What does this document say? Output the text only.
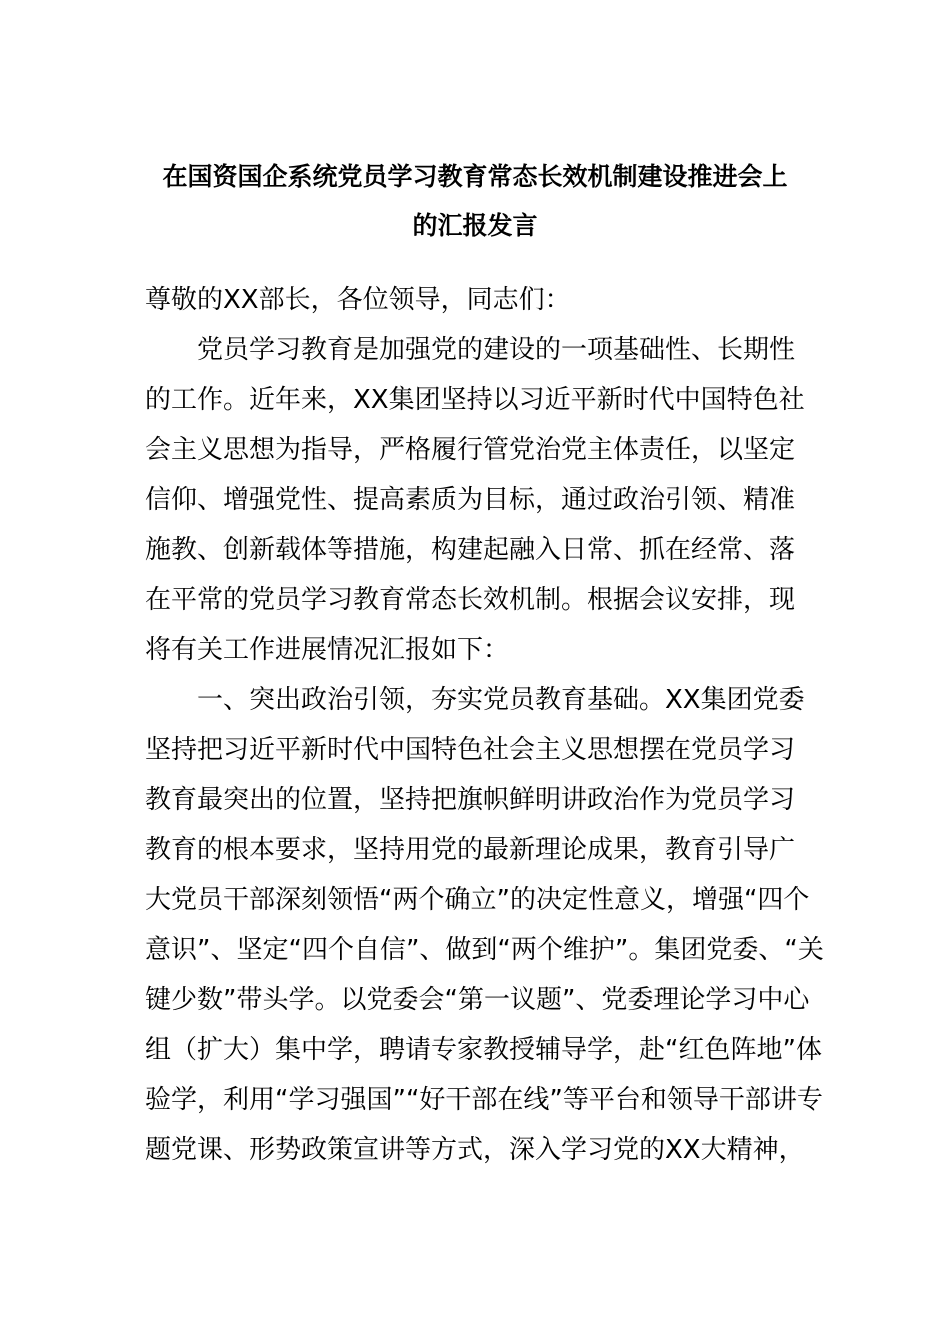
在国资国企系统党员学习教育常态长效机制建设推进会上
的汇报发言
尊敬的XX部长，各位领导，同志们：
　　党员学习教育是加强党的建设的一项基础性、长期性
的工作。近年来，XX集团坚持以习近平新时代中国特色社
会主义思想为指导，严格履行管党治党主体责任，以坚定
信仰、增强党性、提高素质为目标，通过政治引领、精准
施教、创新载体等措施，构建起融入日常、抓在经常、落
在平常的党员学习教育常态长效机制。根据会议安排，现
将有关工作进展情况汇报如下：
　　一、突出政治引领，夯实党员教育基础。XX集团党委
坚持把习近平新时代中国特色社会主义思想摆在党员学习
教育最突出的位置，坚持把旗帜鲜明讲政治作为党员学习
教育的根本要求，坚持用党的最新理论成果，教育引导广
大党员干部深刻领悟“两个确立”的决定性意义，增强“四个
意识”、坚定“四个自信”、做到“两个维护”。集团党委、“关
键少数”带头学。以党委会“第一议题”、党委理论学习中心
组（扩大）集中学，聘请专家教授辅导学，赴“红色阵地”体
验学，利用“学习强国”“好干部在线”等平台和领导干部讲专
题党课、形势政策宣讲等方式，深入学习党的XX大精神，
